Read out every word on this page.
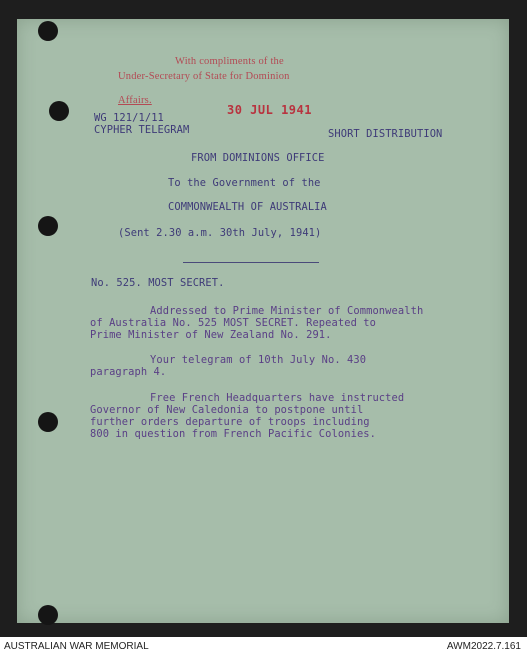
With compliments of the
Under-Secretary of State for Dominion
Affairs.
30 JUL 1941
WG 121/1/11
CYPHER TELEGRAM	SHORT DISTRIBUTION
FROM DOMINIONS OFFICE
To the Government of the
COMMONWEALTH OF AUSTRALIA
(Sent 2.30 a.m. 30th July, 1941)
No. 525. MOST SECRET.
Addressed to Prime Minister of Commonwealth
of Australia No. 525 MOST SECRET. Repeated to
Prime Minister of New Zealand No. 291.
Your telegram of 10th July No. 430
paragraph 4.
Free French Headquarters have instructed
Governor of New Caledonia to postpone until
further orders departure of troops including
800 in question from French Pacific Colonies.
AUSTRALIAN WAR MEMORIAL	AWM2022.7.161
